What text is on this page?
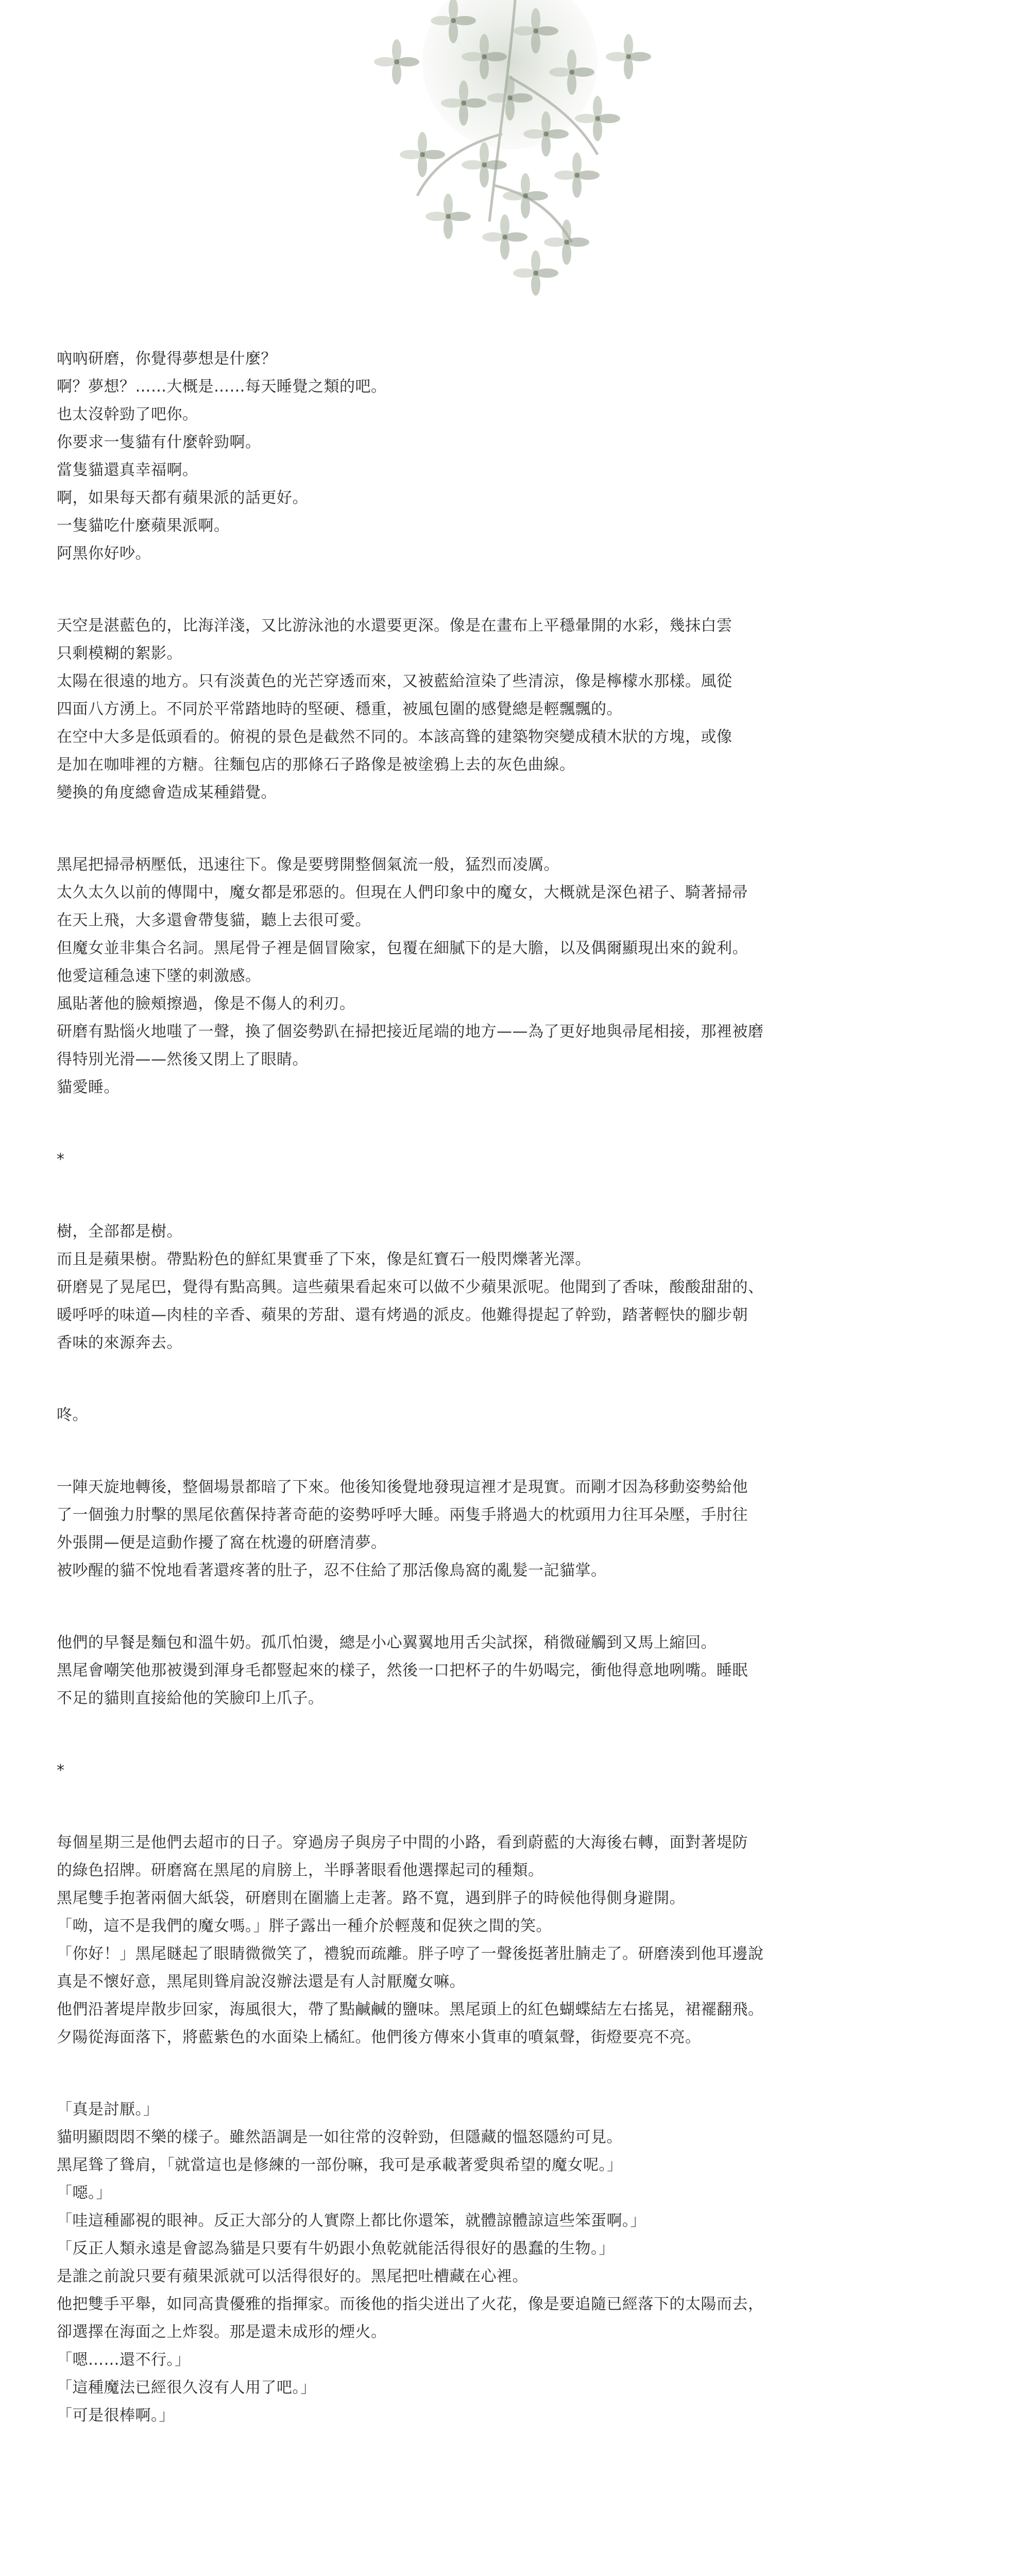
吶吶研磨，你覺得夢想是什麼？

啊？夢想？……大概是……每天睡覺之類的吧。

也太沒幹勁了吧你。

你要求一隻貓有什麼幹勁啊。

當隻貓還真幸福啊。

啊，如果每天都有蘋果派的話更好。

一隻貓吃什麼蘋果派啊。

阿黑你好吵。

天空是湛藍色的，比海洋淺，又比游泳池的水還要更深。像是在畫布上平穩暈開的水彩，幾抹白雲

只剩模糊的絮影。

太陽在很遠的地方。只有淡黃色的光芒穿透而來，又被藍給渲染了些清涼，像是檸檬水那樣。風從

四面八方湧上。不同於平常踏地時的堅硬、穩重，被風包圍的感覺總是輕飄飄的。

在空中大多是低頭看的。俯視的景色是截然不同的。本該高聳的建築物突變成積木狀的方塊，或像

是加在咖啡裡的方糖。往麵包店的那條石子路像是被塗鴉上去的灰色曲線。

變換的角度總會造成某種錯覺。

黑尾把掃帚柄壓低，迅速往下。像是要劈開整個氣流一般，猛烈而凌厲。

太久太久以前的傳聞中，魔女都是邪惡的。但現在人們印象中的魔女，大概就是深色裙子、騎著掃帚

在天上飛，大多還會帶隻貓，聽上去很可愛。

但魔女並非集合名詞。黑尾骨子裡是個冒險家，包覆在細膩下的是大膽，以及偶爾顯現出來的銳利。

他愛這種急速下墜的刺激感。

風貼著他的臉頰擦過，像是不傷人的利刃。

研磨有點惱火地嗤了一聲，換了個姿勢趴在掃把接近尾端的地方——為了更好地與帚尾相接，那裡被磨

得特別光滑——然後又閉上了眼睛。

貓愛睡。

*

樹，全部都是樹。

而且是蘋果樹。帶點粉色的鮮紅果實垂了下來，像是紅寶石一般閃爍著光澤。

研磨晃了晃尾巴，覺得有點高興。這些蘋果看起來可以做不少蘋果派呢。他聞到了香味，酸酸甜甜的、

暖呼呼的味道—肉桂的辛香、蘋果的芳甜、還有烤過的派皮。他難得提起了幹勁，踏著輕快的腳步朝

香味的來源奔去。

咚。

一陣天旋地轉後，整個場景都暗了下來。他後知後覺地發現這裡才是現實。而剛才因為移動姿勢給他

了一個強力肘擊的黑尾依舊保持著奇葩的姿勢呼呼大睡。兩隻手將過大的枕頭用力往耳朵壓，手肘往

外張開—便是這動作擾了窩在枕邊的研磨清夢。

被吵醒的貓不悅地看著還疼著的肚子，忍不住給了那活像鳥窩的亂髮一記貓掌。

他們的早餐是麵包和溫牛奶。孤爪怕燙，總是小心翼翼地用舌尖試探，稍微碰觸到又馬上縮回。

黑尾會嘲笑他那被燙到渾身毛都豎起來的樣子，然後一口把杯子的牛奶喝完，衝他得意地咧嘴。睡眠

不足的貓則直接給他的笑臉印上爪子。

*

每個星期三是他們去超市的日子。穿過房子與房子中間的小路，看到蔚藍的大海後右轉，面對著堤防

的綠色招牌。研磨窩在黑尾的肩膀上，半睜著眼看他選擇起司的種類。

黑尾雙手抱著兩個大紙袋，研磨則在圍牆上走著。路不寬，遇到胖子的時候他得側身避開。

「呦，這不是我們的魔女嗎。」胖子露出一種介於輕蔑和促狹之間的笑。

「你好！」黑尾瞇起了眼睛微微笑了，禮貌而疏離。胖子哼了一聲後挺著肚腩走了。研磨湊到他耳邊說

真是不懷好意，黑尾則聳肩說沒辦法還是有人討厭魔女嘛。

他們沿著堤岸散步回家，海風很大，帶了點鹹鹹的鹽味。黑尾頭上的紅色蝴蝶結左右搖晃，裙襬翻飛。

夕陽從海面落下，將藍紫色的水面染上橘紅。他們後方傳來小貨車的噴氣聲，街燈要亮不亮。

「真是討厭。」

貓明顯悶悶不樂的樣子。雖然語調是一如往常的沒幹勁，但隱藏的慍怒隱約可見。

黑尾聳了聳肩，「就當這也是修練的一部份嘛，我可是承載著愛與希望的魔女呢。」

「噁。」

「哇這種鄙視的眼神。反正大部分的人實際上都比你還笨，就體諒體諒這些笨蛋啊。」

「反正人類永遠是會認為貓是只要有牛奶跟小魚乾就能活得很好的愚蠢的生物。」

是誰之前說只要有蘋果派就可以活得很好的。黑尾把吐槽藏在心裡。

他把雙手平舉，如同高貴優雅的指揮家。而後他的指尖迸出了火花，像是要追隨已經落下的太陽而去，

卻選擇在海面之上炸裂。那是還未成形的煙火。

「嗯……還不行。」

「這種魔法已經很久沒有人用了吧。」

「可是很棒啊。」
